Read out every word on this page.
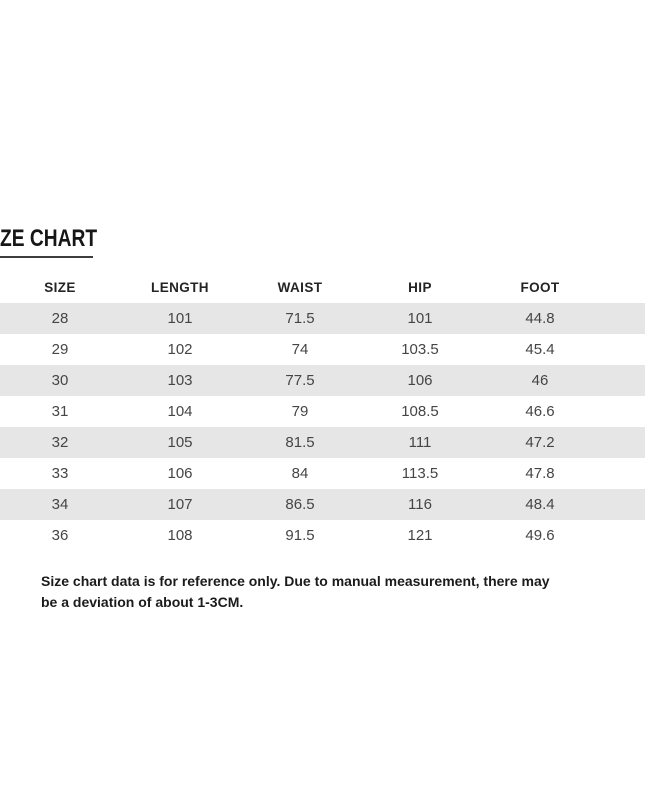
ZE CHART
SIZE	LENGTH	WAIST	HIP	FOOT
28	101	71.5	101	44.8
29	102	74	103.5	45.4
30	103	77.5	106	46
31	104	79	108.5	46.6
32	105	81.5	111	47.2
33	106	84	113.5	47.8
34	107	86.5	116	48.4
36	108	91.5	121	49.6
Size chart data is for reference only. Due to manual measurement, there may
be a deviation of about 1-3CM.
